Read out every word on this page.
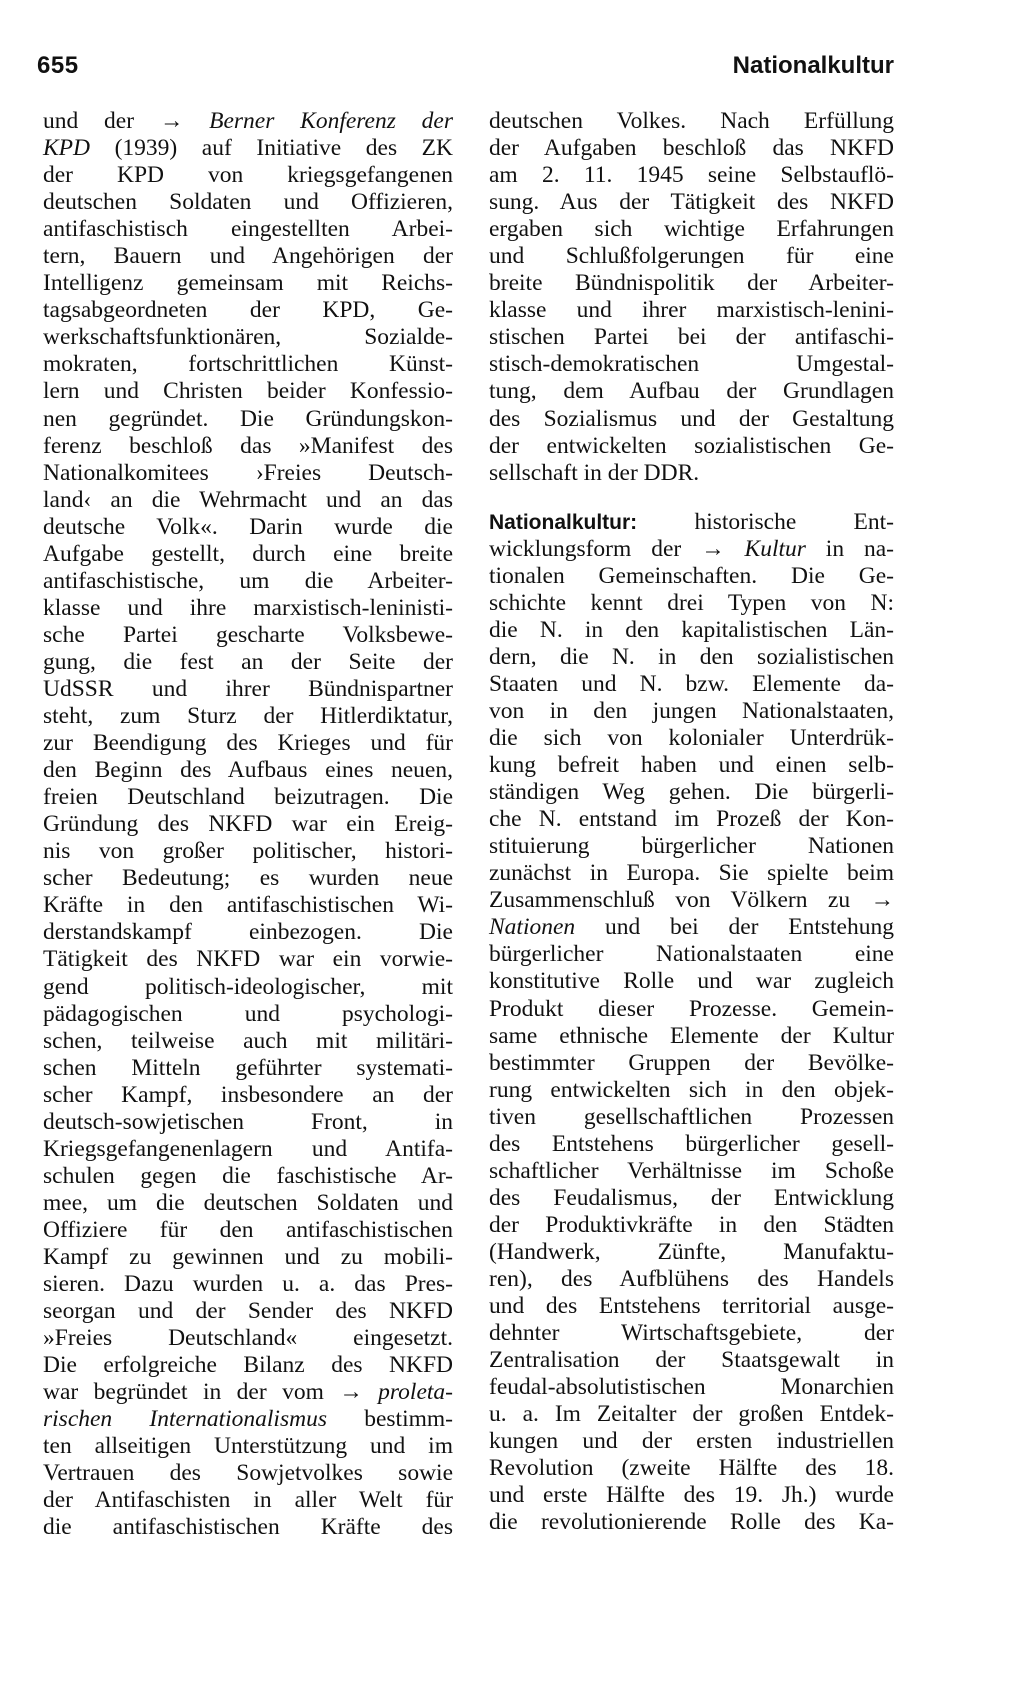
655	Nationalkultur
und der → Berner Konferenz der
KPD (1939) auf Initiative des ZK
der KPD von kriegsgefangenen
deutschen Soldaten und Offizieren,
antifaschistisch eingestellten Arbei-
tern, Bauern und Angehörigen der
Intelligenz gemeinsam mit Reichs-
tagsabgeordneten der KPD, Ge-
werkschaftsfunktionären, Sozialde-
mokraten, fortschrittlichen Künst-
lern und Christen beider Konfessio-
nen gegründet. Die Gründungskon-
ferenz beschloß das »Manifest des
Nationalkomitees ›Freies Deutsch-
land‹ an die Wehrmacht und an das
deutsche Volk«. Darin wurde die
Aufgabe gestellt, durch eine breite
antifaschistische, um die Arbeiter-
klasse und ihre marxistisch-leninisti-
sche Partei gescharte Volksbewe-
gung, die fest an der Seite der
UdSSR und ihrer Bündnispartner
steht, zum Sturz der Hitlerdiktatur,
zur Beendigung des Krieges und für
den Beginn des Aufbaus eines neuen,
freien Deutschland beizutragen. Die
Gründung des NKFD war ein Ereig-
nis von großer politischer, histori-
scher Bedeutung; es wurden neue
Kräfte in den antifaschistischen Wi-
derstandskampf einbezogen. Die
Tätigkeit des NKFD war ein vorwie-
gend politisch-ideologischer, mit
pädagogischen und psychologi-
schen, teilweise auch mit militäri-
schen Mitteln geführter systemati-
scher Kampf, insbesondere an der
deutsch-sowjetischen Front, in
Kriegsgefangenenlagern und Antifa-
schulen gegen die faschistische Ar-
mee, um die deutschen Soldaten und
Offiziere für den antifaschistischen
Kampf zu gewinnen und zu mobili-
sieren. Dazu wurden u. a. das Pres-
seorgan und der Sender des NKFD
»Freies Deutschland« eingesetzt.
Die erfolgreiche Bilanz des NKFD
war begründet in der vom → proleta-
rischen Internationalismus bestimm-
ten allseitigen Unterstützung und im
Vertrauen des Sowjetvolkes sowie
der Antifaschisten in aller Welt für
die antifaschistischen Kräfte des
deutschen Volkes. Nach Erfüllung
der Aufgaben beschloß das NKFD
am 2. 11. 1945 seine Selbstauflö-
sung. Aus der Tätigkeit des NKFD
ergaben sich wichtige Erfahrungen
und Schlußfolgerungen für eine
breite Bündnispolitik der Arbeiter-
klasse und ihrer marxistisch-lenini-
stischen Partei bei der antifaschi-
stisch-demokratischen Umgestal-
tung, dem Aufbau der Grundlagen
des Sozialismus und der Gestaltung
der entwickelten sozialistischen Ge-
sellschaft in der DDR.
Nationalkultur: historische Ent-
wicklungsform der → Kultur in na-
tionalen Gemeinschaften. Die Ge-
schichte kennt drei Typen von N:
die N. in den kapitalistischen Län-
dern, die N. in den sozialistischen
Staaten und N. bzw. Elemente da-
von in den jungen Nationalstaaten,
die sich von kolonialer Unterdrük-
kung befreit haben und einen selb-
ständigen Weg gehen. Die bürgerli-
che N. entstand im Prozeß der Kon-
stituierung bürgerlicher Nationen
zunächst in Europa. Sie spielte beim
Zusammenschluß von Völkern zu →
Nationen und bei der Entstehung
bürgerlicher Nationalstaaten eine
konstitutive Rolle und war zugleich
Produkt dieser Prozesse. Gemein-
same ethnische Elemente der Kultur
bestimmter Gruppen der Bevölke-
rung entwickelten sich in den objek-
tiven gesellschaftlichen Prozessen
des Entstehens bürgerlicher gesell-
schaftlicher Verhältnisse im Schoße
des Feudalismus, der Entwicklung
der Produktivkräfte in den Städten
(Handwerk, Zünfte, Manufaktu-
ren), des Aufblühens des Handels
und des Entstehens territorial ausge-
dehnter Wirtschaftsgebiete, der
Zentralisation der Staatsgewalt in
feudal-absolutistischen Monarchien
u. a. Im Zeitalter der großen Entdek-
kungen und der ersten industriellen
Revolution (zweite Hälfte des 18.
und erste Hälfte des 19. Jh.) wurde
die revolutionierende Rolle des Ka-
